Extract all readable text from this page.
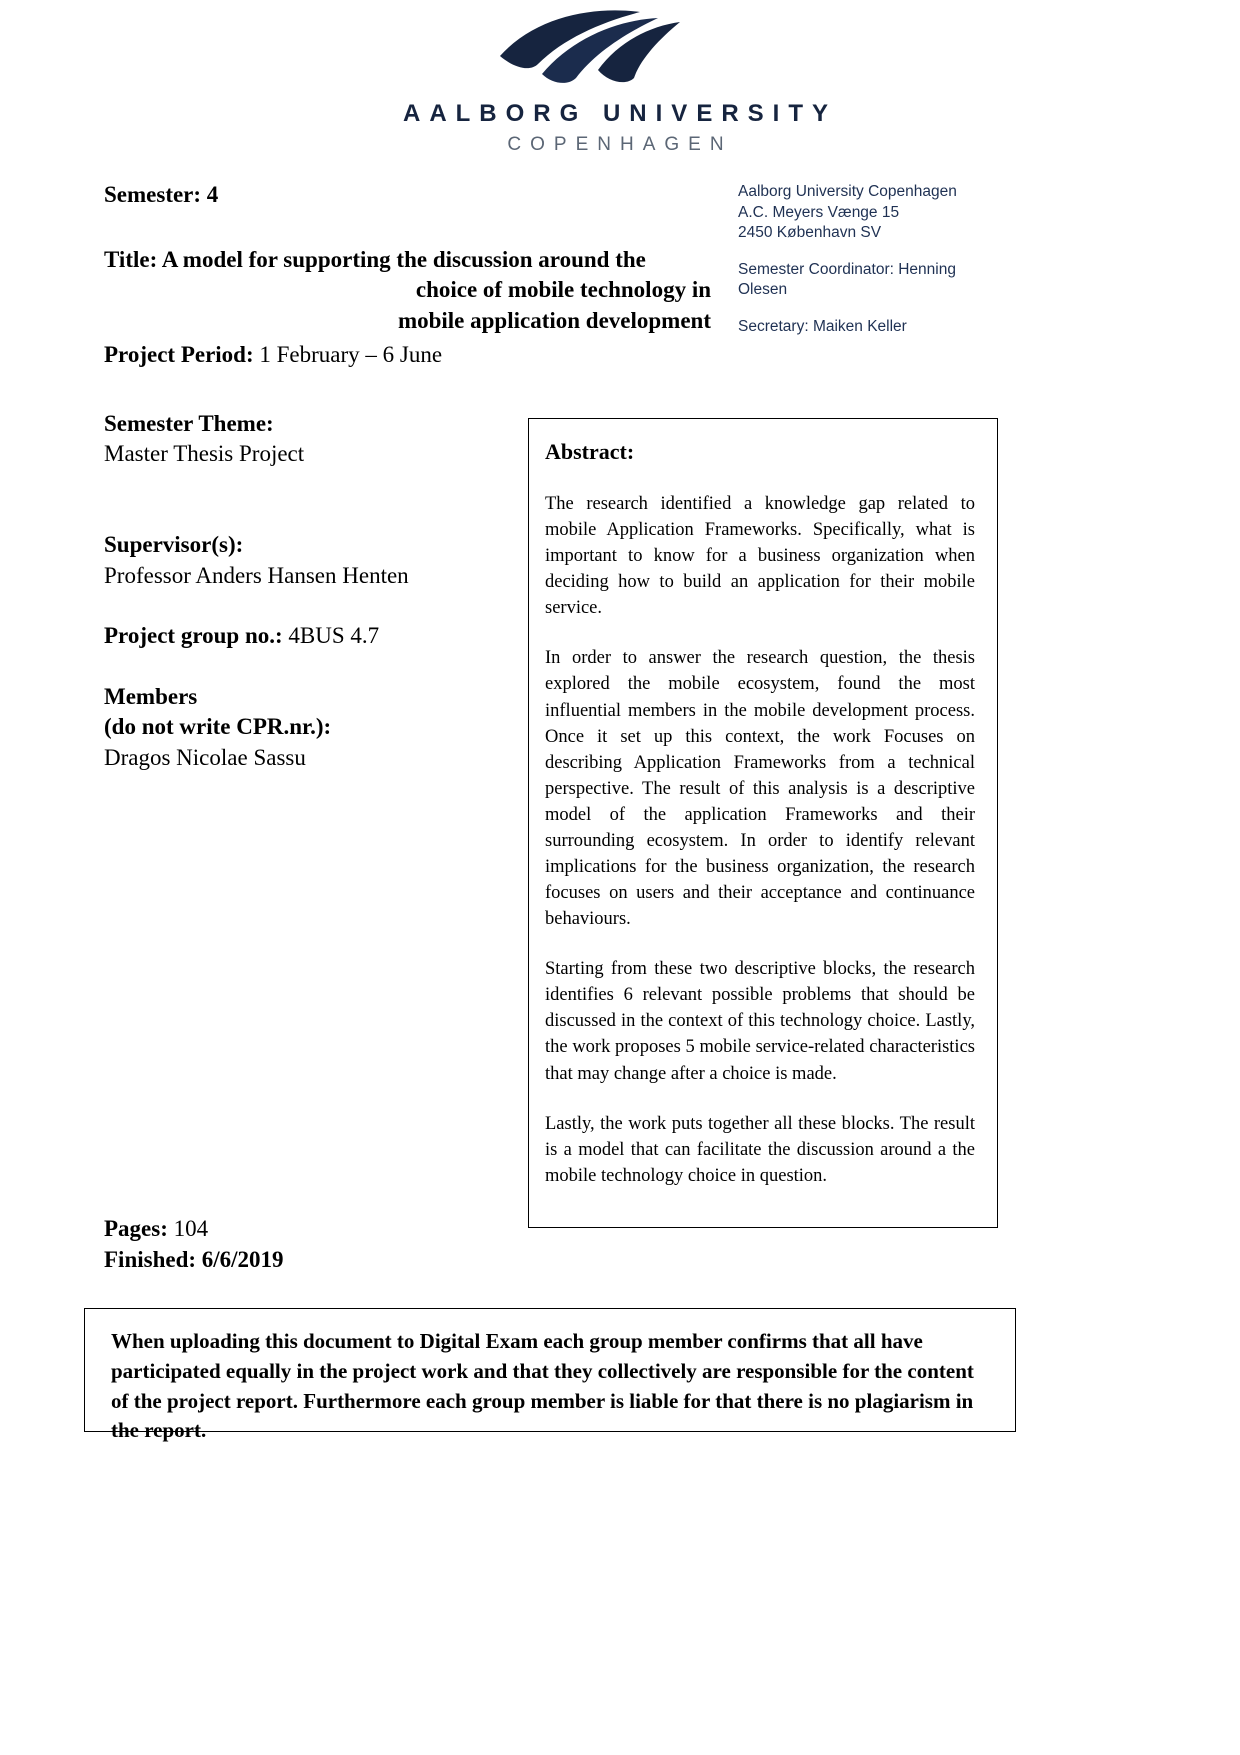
AALBORG UNIVERSITY
COPENHAGEN
Semester: 4
Title: A model for supporting the discussion around the
choice of mobile technology in
mobile application development
Project Period: 1 February – 6 June
Semester Theme:
Master Thesis Project
Supervisor(s):
Professor Anders Hansen Henten
Project group no.: 4BUS 4.7
Members
(do not write CPR.nr.):
Dragos Nicolae Sassu
Aalborg University Copenhagen
A.C. Meyers Vænge 15
2450 København SV
Semester Coordinator: Henning Olesen
Secretary: Maiken Keller
Abstract:

The research identified a knowledge gap related to mobile Application Frameworks. Specifically, what is important to know for a business organization when deciding how to build an application for their mobile service.

In order to answer the research question, the thesis explored the mobile ecosystem, found the most influential members in the mobile development process. Once it set up this context, the work Focuses on describing Application Frameworks from a technical perspective. The result of this analysis is a descriptive model of the application Frameworks and their surrounding ecosystem. In order to identify relevant implications for the business organization, the research focuses on users and their acceptance and continuance behaviours.

Starting from these two descriptive blocks, the research identifies 6 relevant possible problems that should be discussed in the context of this technology choice. Lastly, the work proposes 5 mobile service-related characteristics that may change after a choice is made.

Lastly, the work puts together all these blocks. The result is a model that can facilitate the discussion around a the mobile technology choice in question.

Pages: 104
Finished: 6/6/2019

When uploading this document to Digital Exam each group member confirms that all have participated equally in the project work and that they collectively are responsible for the content of the project report. Furthermore each group member is liable for that there is no plagiarism in the report.
